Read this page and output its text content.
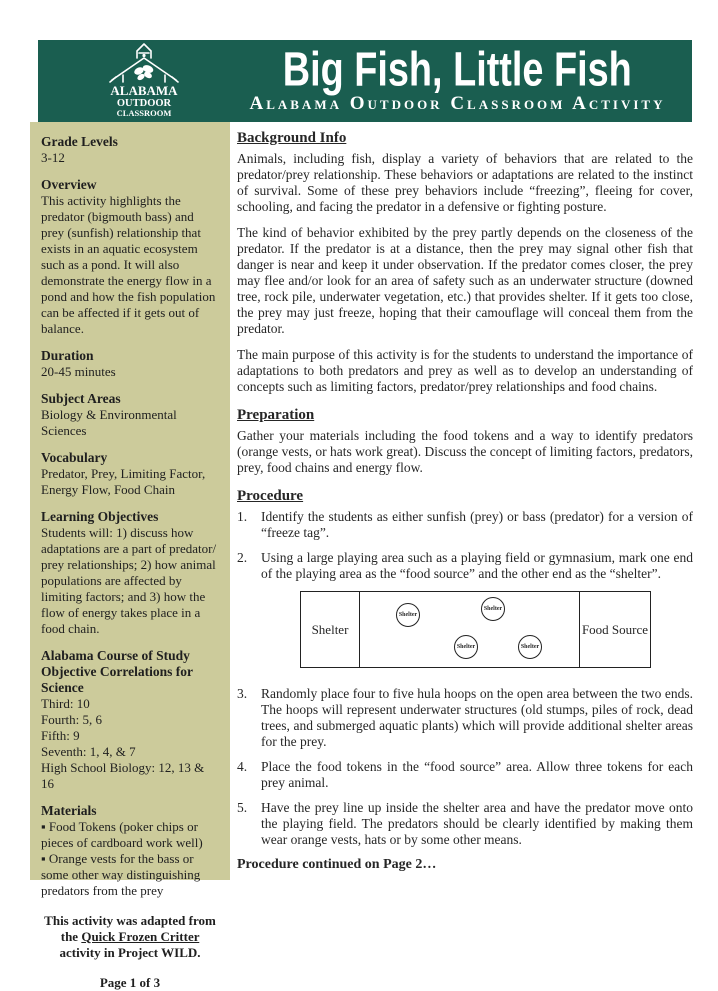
ALABAMA
OUTDOOR
CLASSROOM
Big Fish, Little Fish
Alabama Outdoor Classroom Activity
Grade Levels
3-12
Overview
This activity highlights the predator (bigmouth bass) and prey (sunfish) relationship that exists in an aquatic ecosystem such as a pond. It will also demonstrate the energy flow in a pond and how the fish population can be affected if it gets out of balance.
Duration
20-45 minutes
Subject Areas
Biology & Environmental Sciences
Vocabulary
Predator, Prey, Limiting Factor, Energy Flow, Food Chain
Learning Objectives
Students will: 1) discuss how adaptations are a part of predator/ prey relationships; 2) how animal populations are affected by limiting factors; and 3) how the flow of energy takes place in a food chain.
Alabama Course of Study Objective Correlations for Science
Third: 10
Fourth: 5, 6
Fifth: 9
Seventh: 1, 4, & 7
High School Biology: 12, 13 & 16
Materials
▪ Food Tokens (poker chips or pieces of cardboard work well)
▪ Orange vests for the bass or some other way distinguishing predators from the prey
This activity was adapted from the Quick Frozen Critter activity in Project WILD.
Page 1 of 3
Background Info

Animals, including fish, display a variety of behaviors that are related to the predator/prey relationship. These behaviors or adaptations are related to the instinct of survival. Some of these prey behaviors include “freezing”, fleeing for cover, schooling, and facing the predator in a defensive or fighting posture.

The kind of behavior exhibited by the prey partly depends on the closeness of the predator. If the predator is at a distance, then the prey may signal other fish that danger is near and keep it under observation. If the predator comes closer, the prey may flee and/or look for an area of safety such as an underwater structure (downed tree, rock pile, underwater vegetation, etc.) that provides shelter. If it gets too close, the prey may just freeze, hoping that their camouflage will conceal them from the predator.

The main purpose of this activity is for the students to understand the importance of adaptations to both predators and prey as well as to develop an understanding of concepts such as limiting factors, predator/prey relationships and food chains.

Preparation

Gather your materials including the food tokens and a way to identify predators (orange vests, or hats work great). Discuss the concept of limiting factors, predators, prey, food chains and energy flow.

Procedure
1.	Identify the students as either sunfish (prey) or bass (predator) for a version of “freeze tag”.
2.	Using a large playing area such as a playing field or gymnasium, mark one end of the playing area as the “food source” and the other end as the “shelter”.
Shelter
Shelter
Shelter
Shelter	Shelter
Food Source
3.	Randomly place four to five hula hoops on the open area between the two ends. The hoops will represent underwater structures (old stumps, piles of rock, dead trees, and submerged aquatic plants) which will provide additional shelter areas for the prey.
4.	Place the food tokens in the “food source” area. Allow three tokens for each prey animal.
5.	Have the prey line up inside the shelter area and have the predator move onto the playing field. The predators should be clearly identified by making them wear orange vests, hats or by some other means.
Procedure continued on Page 2…
